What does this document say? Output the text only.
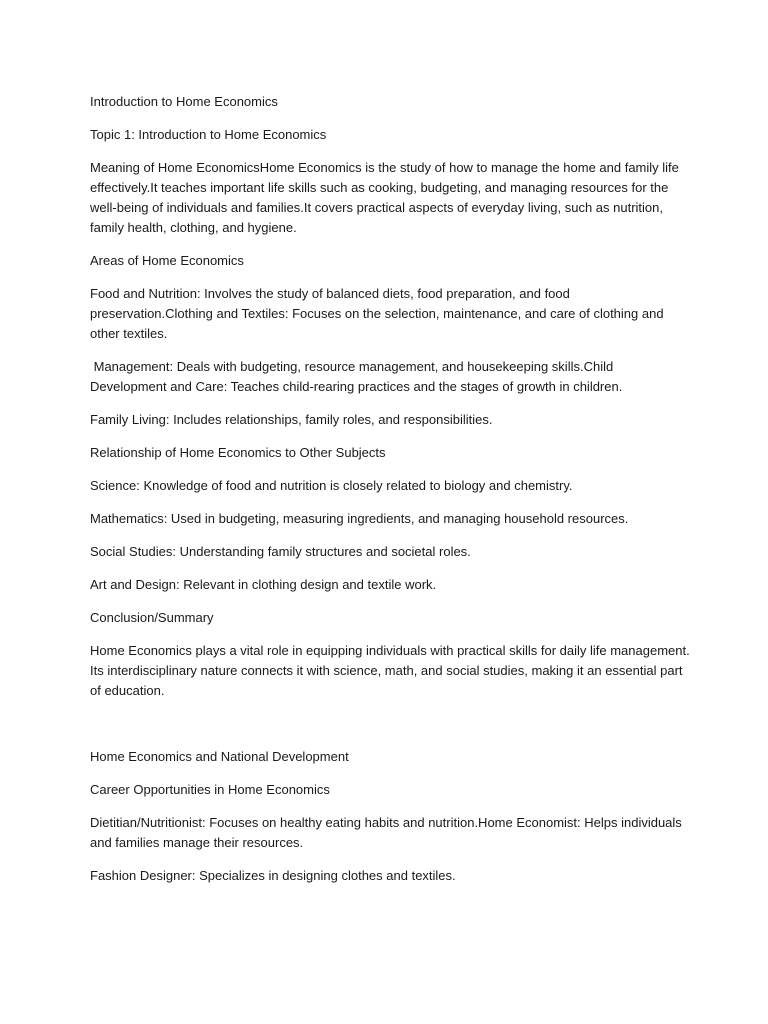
Introduction to Home Economics

Topic 1: Introduction to Home Economics

Meaning of Home EconomicsHome Economics is the study of how to manage the home and family life effectively.It teaches important life skills such as cooking, budgeting, and managing resources for the well-being of individuals and families.It covers practical aspects of everyday living, such as nutrition, family health, clothing, and hygiene.

Areas of Home Economics

Food and Nutrition: Involves the study of balanced diets, food preparation, and food preservation.Clothing and Textiles: Focuses on the selection, maintenance, and care of clothing and other textiles.

Management: Deals with budgeting, resource management, and housekeeping skills.Child Development and Care: Teaches child-rearing practices and the stages of growth in children.

Family Living: Includes relationships, family roles, and responsibilities.

Relationship of Home Economics to Other Subjects

Science: Knowledge of food and nutrition is closely related to biology and chemistry.

Mathematics: Used in budgeting, measuring ingredients, and managing household resources.

Social Studies: Understanding family structures and societal roles.

Art and Design: Relevant in clothing design and textile work.

Conclusion/Summary

Home Economics plays a vital role in equipping individuals with practical skills for daily life management. Its interdisciplinary nature connects it with science, math, and social studies, making it an essential part of education.

Home Economics and National Development

Career Opportunities in Home Economics

Dietitian/Nutritionist: Focuses on healthy eating habits and nutrition.Home Economist: Helps individuals and families manage their resources.

Fashion Designer: Specializes in designing clothes and textiles.
